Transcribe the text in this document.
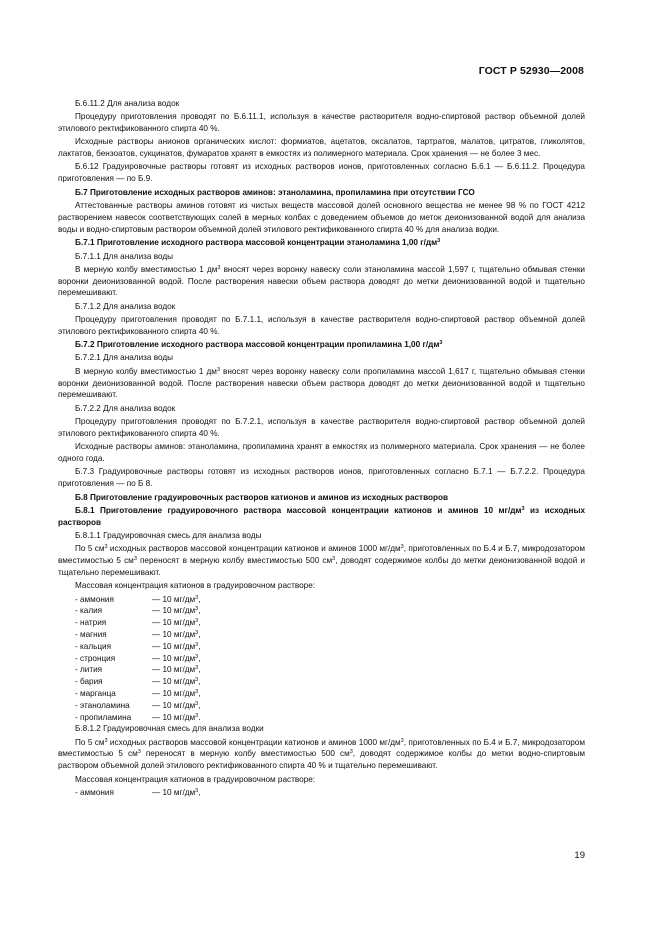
ГОСТ Р 52930—2008

Б.6.11.2 Для анализа водок

Процедуру приготовления проводят по Б.6.11.1, используя в качестве растворителя водно-спиртовой раствор объемной долей этилового ректификованного спирта 40 %.

Исходные растворы анионов органических кислот: формиатов, ацетатов, оксалатов, тартратов, малатов, цитратов, гликолятов, лактатов, бензоатов, сукцинатов, фумаратов хранят в емкостях из полимерного материала. Срок хранения — не более 3 мес.

Б.6.12 Градуировочные растворы готовят из исходных растворов ионов, приготовленных согласно Б.6.1 — Б.6.11.2. Процедура приготовления — по Б.9.

Б.7 Приготовление исходных растворов аминов: этаноламина, пропиламина при отсутствии ГСО

Аттестованные растворы аминов готовят из чистых веществ массовой долей основного вещества не менее 98 % по ГОСТ 4212 растворением навесок соответствующих солей в мерных колбах с доведением объемов до меток деионизованной водой для анализа воды и водно-спиртовым раствором объемной долей этилового ректификованного спирта 40 % для анализа водки.

Б.7.1 Приготовление исходного раствора массовой концентрации этаноламина 1,00 $г/дм^3$

Б.7.1.1 Для анализа воды

В мерную колбу вместимостью 1 $дм^3$ вносят через воронку навеску соли этаноламина массой 1,597 г, тщательно обмывая стенки воронки деионизованной водой. После растворения навески объем раствора доводят до метки деионизованной водой и тщательно перемешивают.

Б.7.1.2 Для анализа водок

Процедуру приготовления проводят по Б.7.1.1, используя в качестве растворителя водно-спиртовой раствор объемной долей этилового ректификованного спирта 40 %.

Б.7.2 Приготовление исходного раствора массовой концентрации пропиламина 1,00 $г/дм^3$

Б.7.2.1 Для анализа воды

В мерную колбу вместимостью 1 $дм^3$ вносят через воронку навеску соли пропиламина массой 1,617 г, тщательно обмывая стенки воронки деионизованной водой. После растворения навески объем раствора доводят до метки деионизованной водой и тщательно перемешивают.

Б.7.2.2 Для анализа водок

Процедуру приготовления проводят по Б.7.2.1, используя в качестве растворителя водно-спиртовой раствор объемной долей этилового ректификованного спирта 40 %.

Исходные растворы аминов: этаноламина, пропиламина хранят в емкостях из полимерного материала. Срок хранения — не более одного года.

Б.7.3 Градуировочные растворы готовят из исходных растворов ионов, приготовленных согласно Б.7.1 — Б.7.2.2. Процедура приготовления — по Б 8.

Б.8 Приготовление градуировочных растворов катионов и аминов из исходных растворов

Б.8.1 Приготовление градуировочного раствора массовой концентрации катионов и аминов 10 $мг/дм^3$ из исходных растворов

Б.8.1.1 Градуировочная смесь для анализа воды

По 5 $см^3$ исходных растворов массовой концентрации катионов и аминов 1000 $мг/дм^3$, приготовленных по Б.4 и Б.7, микродозатором вместимостью 5 $см^3$ переносят в мерную колбу вместимостью 500 $см^3$, доводят содержимое колбы до метки деионизованной водой и тщательно перемешивают.

Массовая концентрация катионов в градуировочном растворе:

- аммония	— 10 $мг/дм^3$,
- калия	— 10 $мг/дм^3$,
- натрия	— 10 $мг/дм^3$,
- магния	— 10 $мг/дм^3$,
- кальция	— 10 $мг/дм^3$,
- стронция	— 10 $мг/дм^3$,
- лития	— 10 $мг/дм^3$,
- бария	— 10 $мг/дм^3$,
- марганца	— 10 $мг/дм^3$,
- этаноламина	— 10 $мг/дм^3$,
- пропиламина	— 10 $мг/дм^3$.

Б.8.1.2 Градуировочная смесь для анализа водки

По 5 $см^3$ исходных растворов массовой концентрации катионов и аминов 1000 $мг/дм^3$, приготовленных по Б.4 и Б.7, микродозатором вместимостью 5 $см^3$ переносят в мерную колбу вместимостью 500 $см^3$, доводят содержимое колбы до метки водно-спиртовым раствором объемной долей этилового ректификованного спирта 40 % и тщательно перемешивают.

Массовая концентрация катионов в градуировочном растворе:

- аммония	— 10 $мг/дм^3$,
19
